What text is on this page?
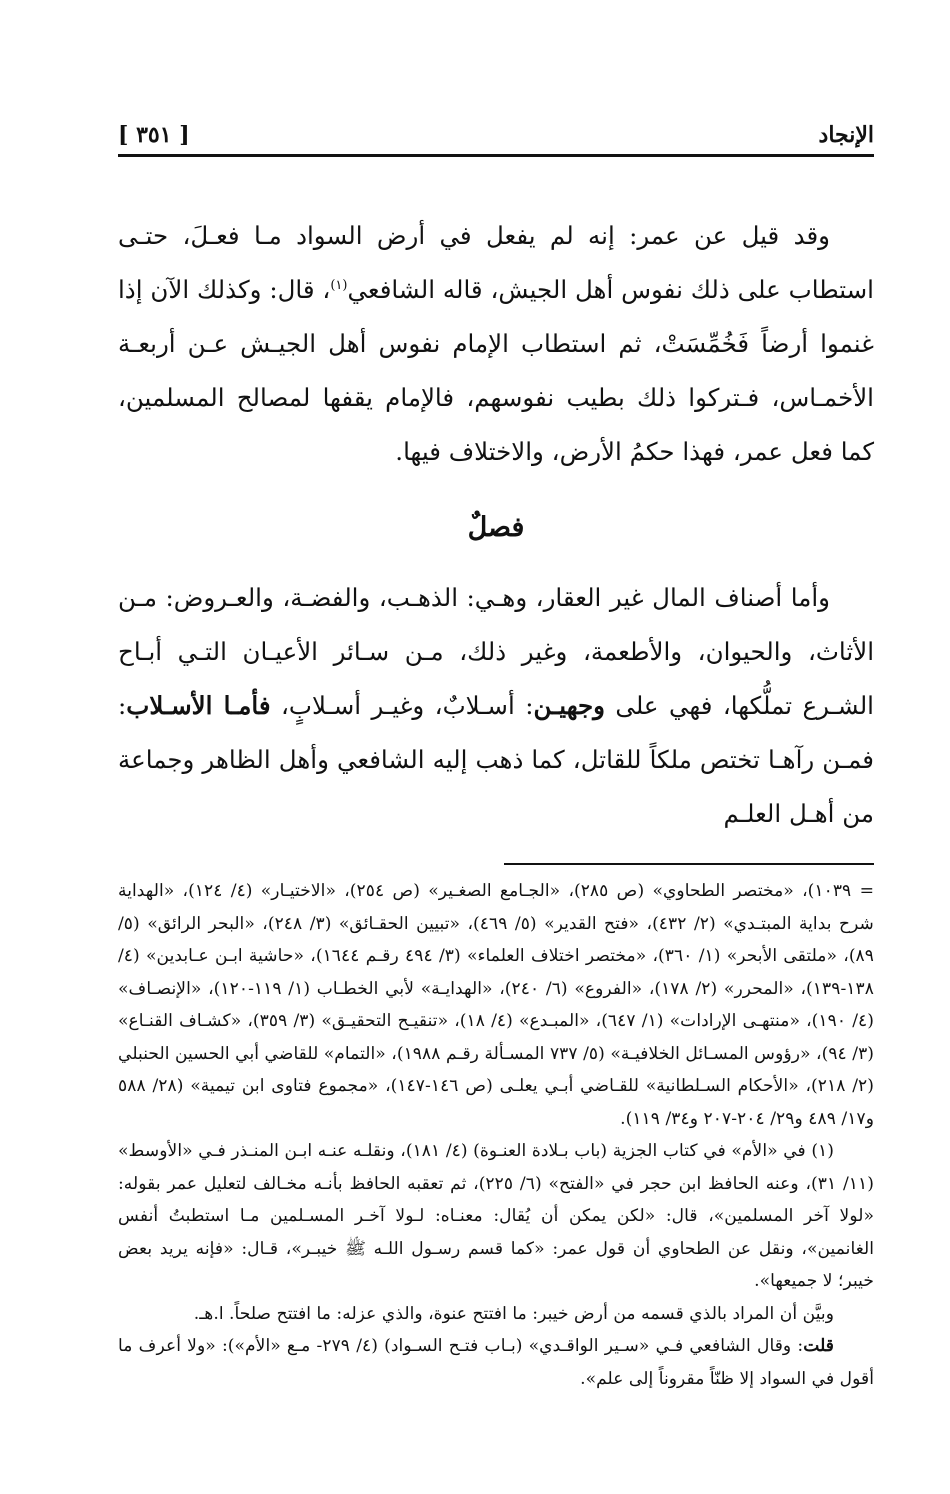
الإنجاد
[ ٣٥١ ]

وقد قيل عن عمر: إنه لم يفعل في أرض السواد مـا فعـلَ، حتـى استطاب على ذلك نفوس أهل الجيش، قاله الشافعي$^{(١)}$، قال: وكذلك الآن إذا غنموا أرضاً فَخُمِّسَتْ، ثم استطاب الإمام نفوس أهل الجيـش عـن أربعـة الأخمـاس، فـتركوا ذلك بطيب نفوسهم، فالإمام يقفها لمصالح المسلمين، كما فعل عمر، فهذا حكمُ الأرض، والاختلاف فيها.

فصلٌ

وأما أصناف المال غير العقار، وهـي: الذهـب، والفضـة، والعـروض: مـن الأثاث، والحيوان، والأطعمة، وغير ذلك، مـن سـائر الأعيـان التـي أبـاح الشـرع تملُّكها، فهي على وجهيـن: أسـلابٌ، وغيـر أسـلابٍ، فأمـا الأسـلاب: فمـن رآهـا تختص ملكاً للقاتل، كما ذهب إليه الشافعي وأهل الظاهر وجماعة من أهـل العلـم

= ١٠٣٩)، «مختصر الطحاوي» (ص ٢٨٥)، «الجـامع الصغـير» (ص ٢٥٤)، «الاختيـار» (٤/ ١٢٤)، «الهداية شرح بداية المبتـدي» (٢/ ٤٣٢)، «فتح القدير» (٥/ ٤٦٩)، «تبيين الحقـائق» (٣/ ٢٤٨)، «البحر الرائق» (٥/ ٨٩)، «ملتقى الأبحر» (١/ ٣٦٠)، «مختصر اختلاف العلماء» (٣/ ٤٩٤ رقـم ١٦٤٤)، «حاشية ابـن عـابدين» (٤/ ١٣٨-١٣٩)، «المحرر» (٢/ ١٧٨)، «الفروع» (٦/ ٢٤٠)، «الهدايـة» لأبي الخطـاب (١/ ١١٩-١٢٠)، «الإنصـاف» (٤/ ١٩٠)، «منتهـى الإرادات» (١/ ٦٤٧)، «المبـدع» (٤/ ١٨)، «تنقيـح التحقيـق» (٣/ ٣٥٩)، «كشـاف القنـاع» (٣/ ٩٤)، «رؤوس المسـائل الخلافيـة» (٥/ ٧٣٧ المسـألة رقـم ١٩٨٨)، «التمام» للقاضي أبي الحسين الحنبلي (٢/ ٢١٨)، «الأحكام السـلطانية» للقـاضي أبـي يعلـى (ص ١٤٦-١٤٧)، «مجموع فتاوى ابن تيمية» (٢٨/ ٥٨٨ و١٧/ ٤٨٩ و٢٩/ ٢٠٤-٢٠٧ و٣٤/ ١١٩).

(١) في «الأم» في كتاب الجزية (باب بـلادة العنـوة) (٤/ ١٨١)، ونقلـه عنـه ابـن المنـذر فـي «الأوسط» (١١/ ٣١)، وعنه الحافظ ابن حجر في «الفتح» (٦/ ٢٢٥)، ثم تعقبه الحافظ بأنـه مخـالف لتعليل عمر بقوله: «لولا آخر المسلمين»، قال: «لكن يمكن أن يُقال: معنـاه: لـولا آخـر المسـلمين مـا استطبتُ أنفس الغانمين»، ونقل عن الطحاوي أن قول عمر: «كما قسم رسـول اللـه ﷺ خيبـر»، قـال: «فإنه يريد بعض خيبر؛ لا جميعها».

وبيَّن أن المراد بالذي قسمه من أرض خيبر: ما افتتح عنوة، والذي عزله: ما افتتح صلحاً. ا.هـ.

قلت: وقال الشافعي فـي «سـير الواقـدي» (بـاب فتـح السـواد) (٤/ ٢٧٩- مـع «الأم»): «ولا أعرف ما أقول في السواد إلا ظنّاً مقروناً إلى علم».
